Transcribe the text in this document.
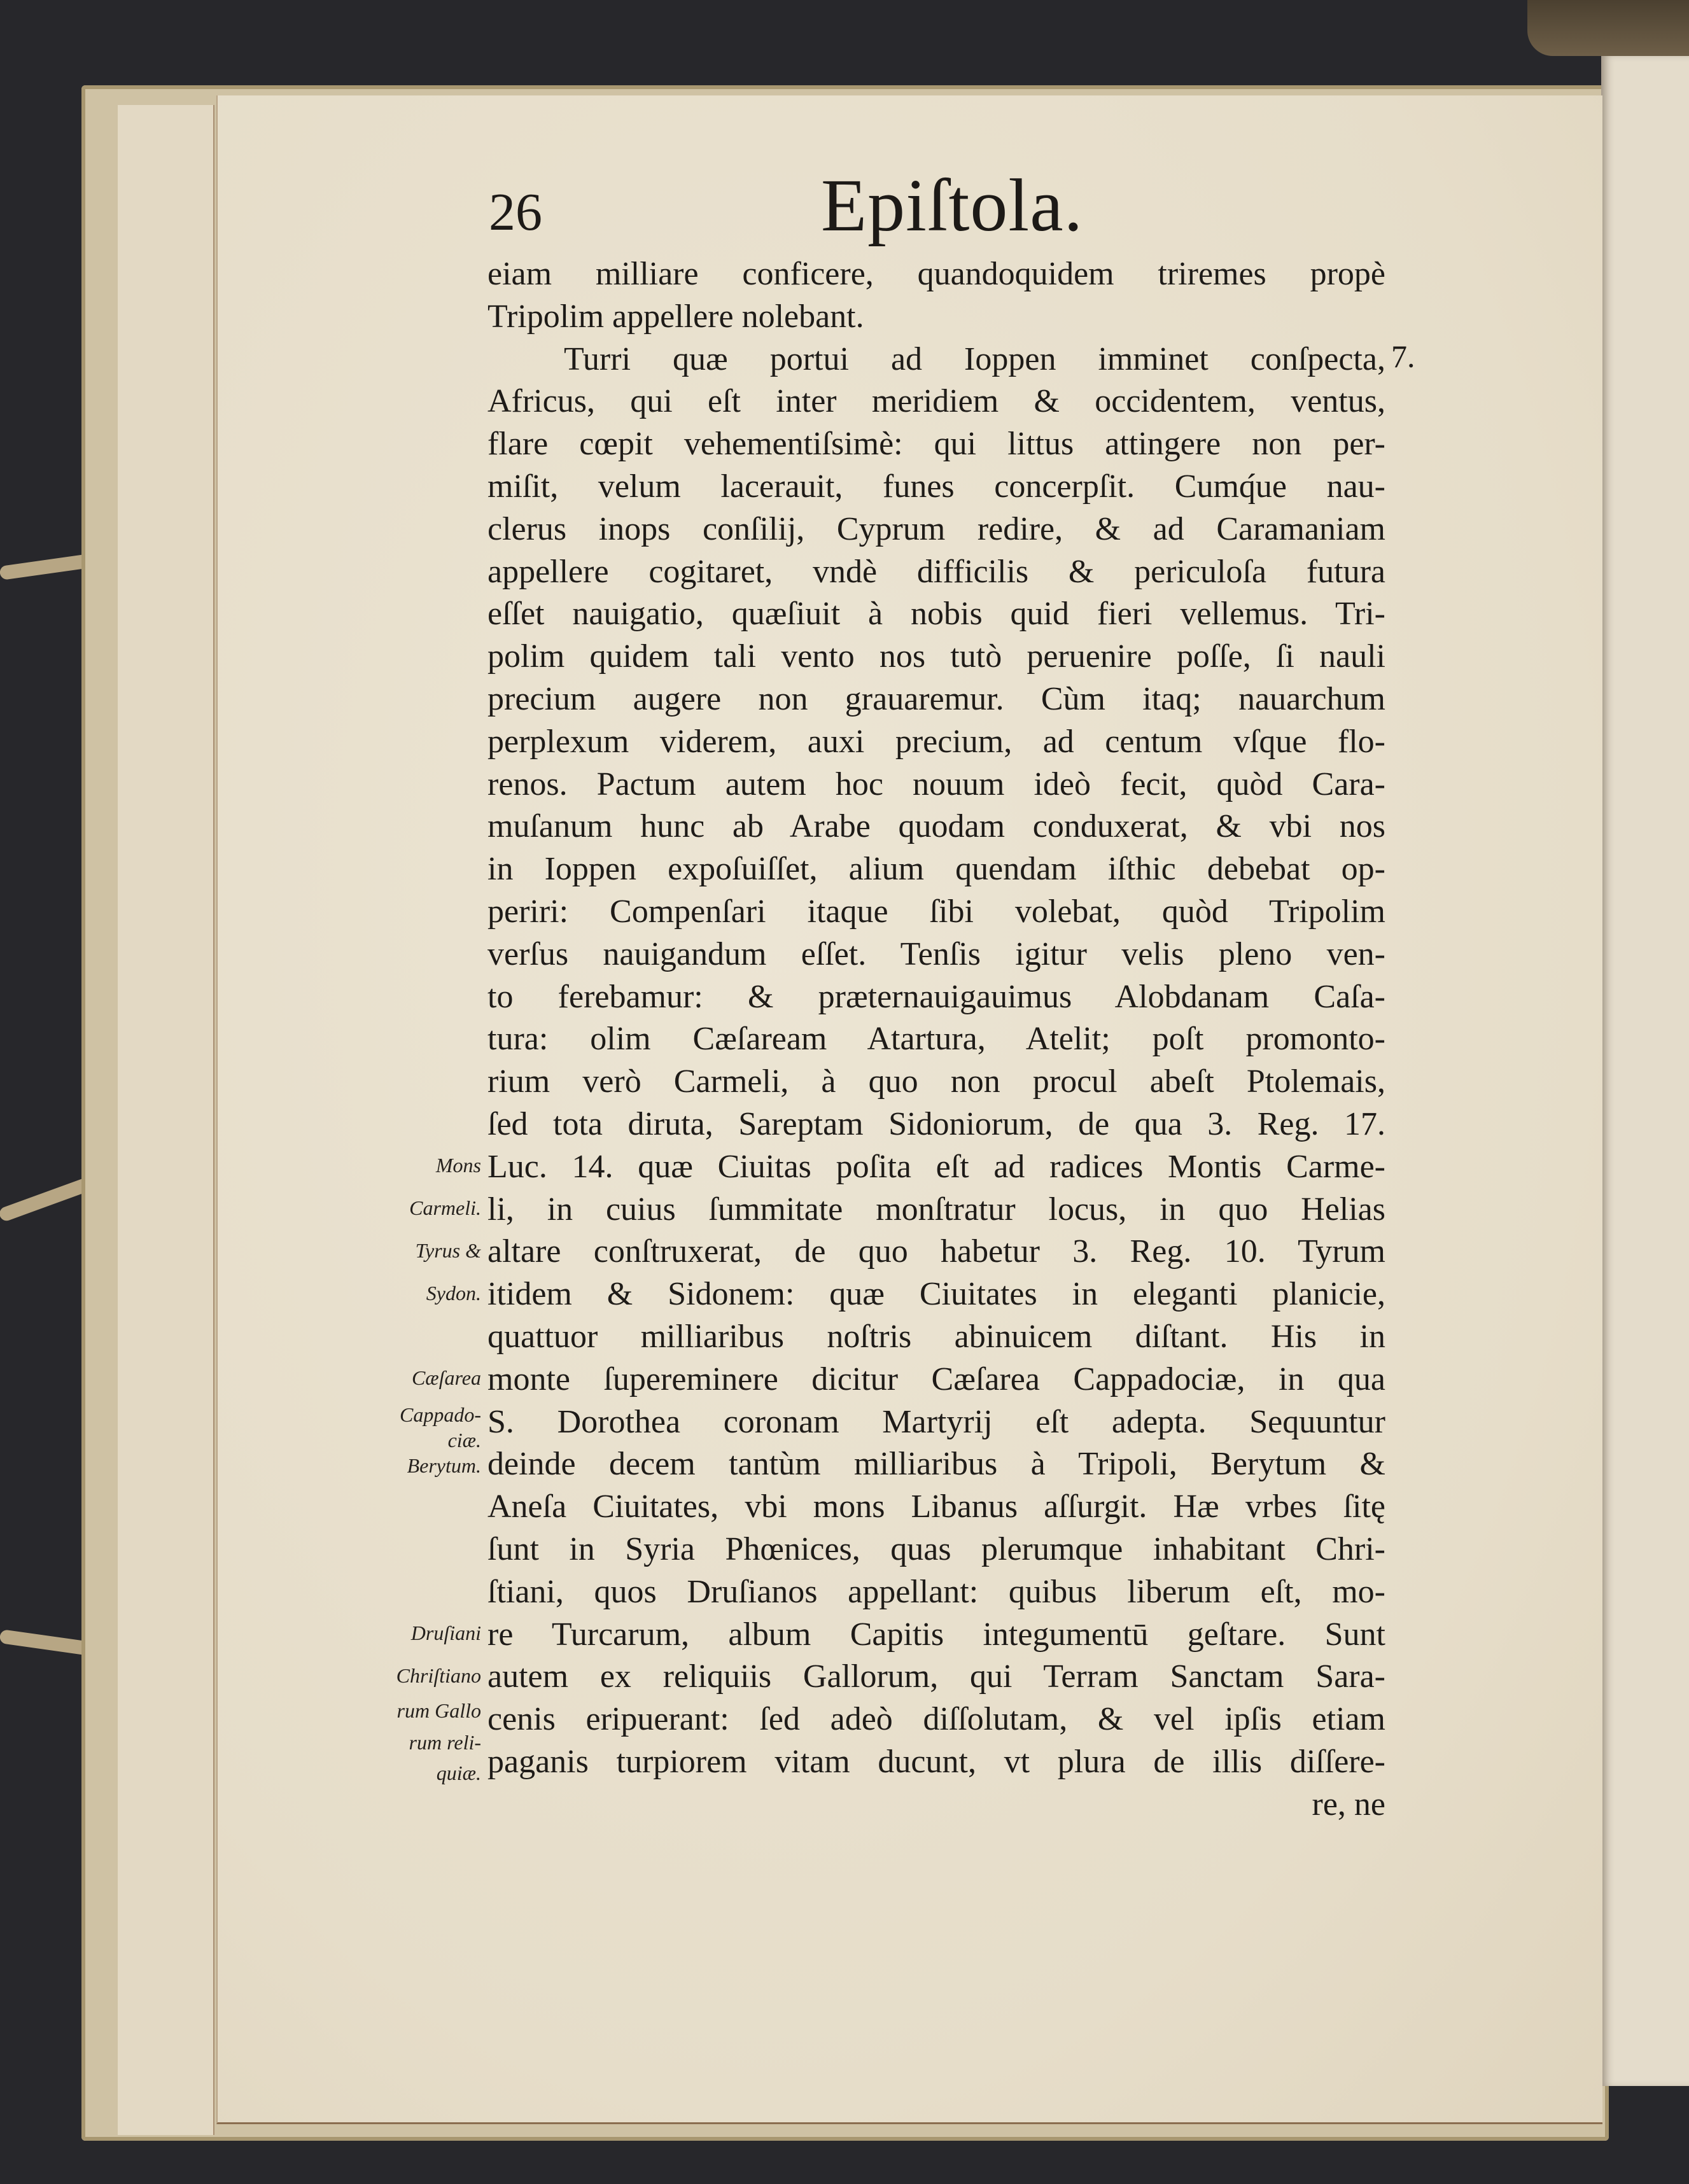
26	Epiſtola.
eiam milliare conficere, quandoquidem triremes propè
Tripolim appellere nolebant.
Turri quæ portui ad Ioppen imminet conſpecta,
Africus, qui eſt inter meridiem & occidentem, ventus,
flare cœpit vehementiſsimè: qui littus attingere non per-
miſit, velum lacerauit, funes concerpſit. Cumq́ue nau-
clerus inops conſilij, Cyprum redire, & ad Caramaniam
appellere cogitaret, vndè difficilis & periculoſa futura
eſſet nauigatio, quæſiuit à nobis quid fieri vellemus. Tri-
polim quidem tali vento nos tutò peruenire poſſe, ſi nauli
precium augere non grauaremur. Cùm itaq; nauarchum
perplexum viderem, auxi precium, ad centum vſque flo-
renos. Pactum autem hoc nouum ideò fecit, quòd Cara-
muſanum hunc ab Arabe quodam conduxerat, & vbi nos
in Ioppen expoſuiſſet, alium quendam iſthic debebat op-
periri: Compenſari itaque ſibi volebat, quòd Tripolim
verſus nauigandum eſſet. Tenſis igitur velis pleno ven-
to ferebamur: & præternauigauimus Alobdanam Caſa-
tura: olim Cæſaream Atartura, Atelit; poſt promonto-
rium verò Carmeli, à quo non procul abeſt Ptolemais,
ſed tota diruta, Sareptam Sidoniorum, de qua 3. Reg. 17.
Luc. 14. quæ Ciuitas poſita eſt ad radices Montis Carme-
li, in cuius ſummitate monſtratur locus, in quo Helias
altare conſtruxerat, de quo habetur 3. Reg. 10. Tyrum
itidem & Sidonem: quæ Ciuitates in eleganti planicie,
quattuor milliaribus noſtris abinuicem diſtant. His in
monte ſupereminere dicitur Cæſarea Cappadociæ, in qua
S. Dorothea coronam Martyrij eſt adepta. Sequuntur
deinde decem tantùm milliaribus à Tripoli, Berytum &
Aneſa Ciuitates, vbi mons Libanus aſſurgit. Hæ vrbes ſitę
ſunt in Syria Phœnices, quas plerumque inhabitant Chri-
ſtiani, quos Druſianos appellant: quibus liberum eſt, mo-
re Turcarum, album Capitis integumentū geſtare. Sunt
autem ex reliquiis Gallorum, qui Terram Sanctam Sara-
cenis eripuerant: ſed adeò diſſolutam, & vel ipſis etiam
paganis turpiorem vitam ducunt, vt plura de illis diſſere-
re, ne
7.
Mons
Carmeli.
Tyrus &
Sydon.
Cæſarea
Cappado-
ciæ.
Berytum.
Druſiani
Chriſtiano
rum Gallo
rum reli-
quiæ.
